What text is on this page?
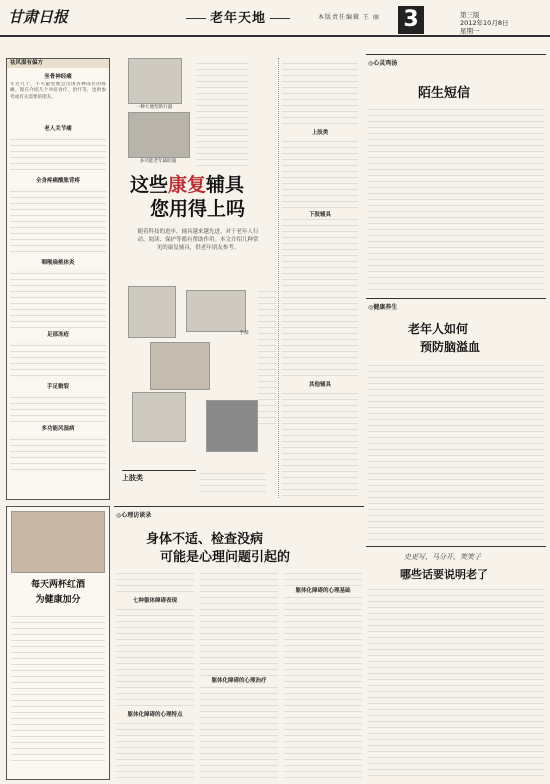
甘肃日报	老年天地	本版责任编辑 王 丽 3	第三版
2012年10月8日
星期一
祛风湿有偏方
坐骨神经痛
年过九十，不可避免地会出现各种部位的疼痛。现在介绍几个对症食疗、治疗等，也供参考或有关需要的朋友。
老人关节痛
全身疼痛酸胀背疼
咽喉扁桃体炎
足部冻疮
手足皲裂
多功能风湿病
一种大便型助行器
多功能老年辅助器
这些康复辅具
您用得上吗
随着科技的进步，辅具越来越先进。对于老年人行动、阅读、保护等都有帮助作用。本文介绍几种常见的康复辅具，供老年朋友参考。
手部
上肢类
上肢类
下肢辅具
其他辅具
◎心灵鸡汤
陌生短信
◎健康养生
老年人如何
预防脑溢血
每天两杯红酒
为健康加分
◎心理访谈录
身体不适、检查没病
可能是心理问题引起的
七种躯体障碍表现
躯体化障碍的心理特点
躯体化障碍的心理治疗
躯体化障碍的心理基础
史更写，马分开，笑笑子
哪些话要说明老了
